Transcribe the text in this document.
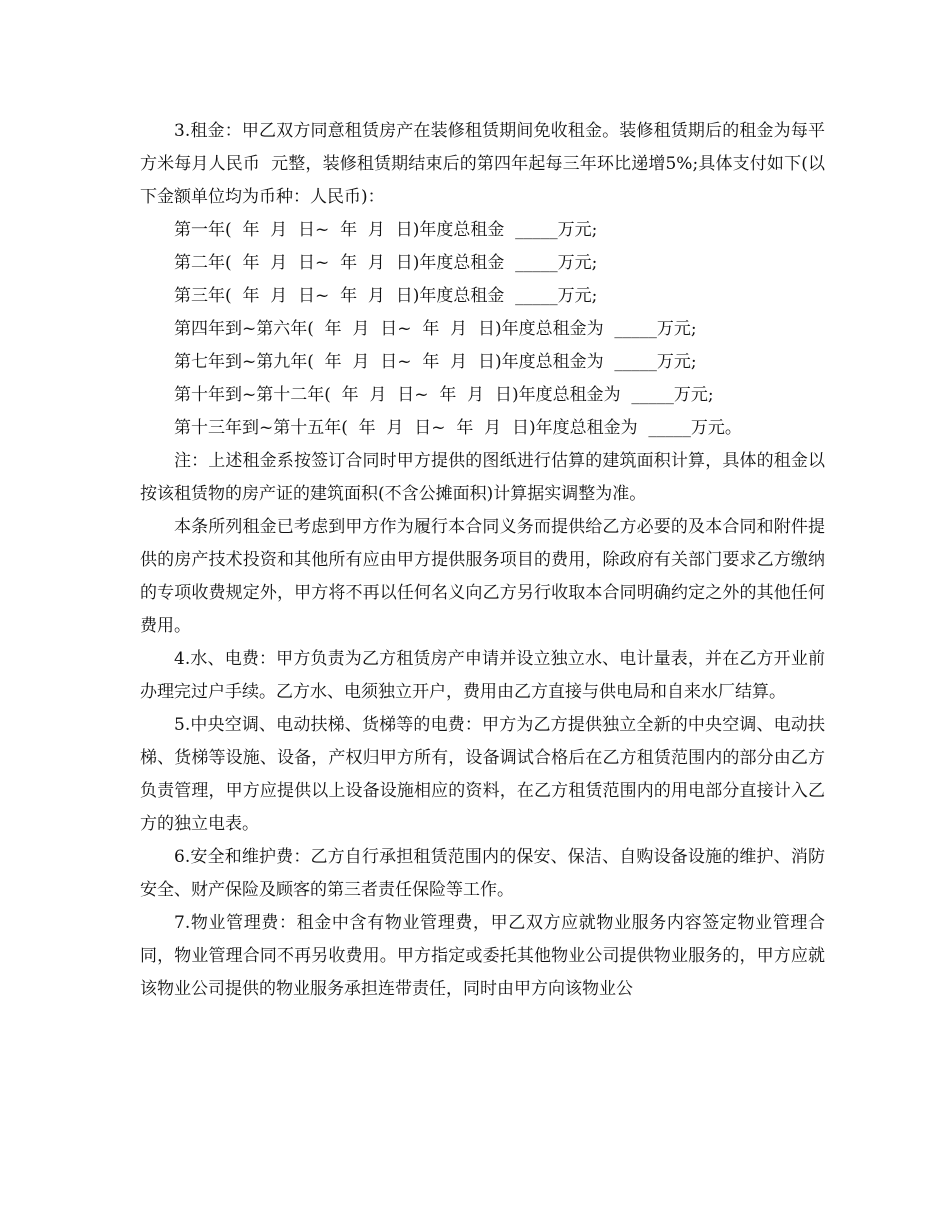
3.租金：甲乙双方同意租赁房产在装修租赁期间免收租金。装修租赁期后的租金为每平方米每月人民币  元整，装修租赁期结束后的第四年起每三年环比递增5%;具体支付如下(以下金额单位均为币种：人民币)：

第一年(  年  月  日~  年  月  日)年度总租金  _____万元;

第二年(  年  月  日~  年  月  日)年度总租金  _____万元;

第三年(  年  月  日~  年  月  日)年度总租金  _____万元;

第四年到~第六年(  年  月  日~  年  月  日)年度总租金为  _____万元;

第七年到~第九年(  年  月  日~  年  月  日)年度总租金为  _____万元;

第十年到~第十二年(  年  月  日~  年  月  日)年度总租金为  _____万元;

第十三年到~第十五年(  年  月  日~  年  月  日)年度总租金为  _____万元。

注：上述租金系按签订合同时甲方提供的图纸进行估算的建筑面积计算，具体的租金以按该租赁物的房产证的建筑面积(不含公摊面积)计算据实调整为准。

本条所列租金已考虑到甲方作为履行本合同义务而提供给乙方必要的及本合同和附件提供的房产技术投资和其他所有应由甲方提供服务项目的费用，除政府有关部门要求乙方缴纳的专项收费规定外，甲方将不再以任何名义向乙方另行收取本合同明确约定之外的其他任何费用。

4.水、电费：甲方负责为乙方租赁房产申请并设立独立水、电计量表，并在乙方开业前办理完过户手续。乙方水、电须独立开户，费用由乙方直接与供电局和自来水厂结算。

5.中央空调、电动扶梯、货梯等的电费：甲方为乙方提供独立全新的中央空调、电动扶梯、货梯等设施、设备，产权归甲方所有，设备调试合格后在乙方租赁范围内的部分由乙方负责管理，甲方应提供以上设备设施相应的资料，在乙方租赁范围内的用电部分直接计入乙方的独立电表。

6.安全和维护费：乙方自行承担租赁范围内的保安、保洁、自购设备设施的维护、消防安全、财产保险及顾客的第三者责任保险等工作。

7.物业管理费：租金中含有物业管理费，甲乙双方应就物业服务内容签定物业管理合同，物业管理合同不再另收费用。甲方指定或委托其他物业公司提供物业服务的，甲方应就该物业公司提供的物业服务承担连带责任，同时由甲方向该物业公
